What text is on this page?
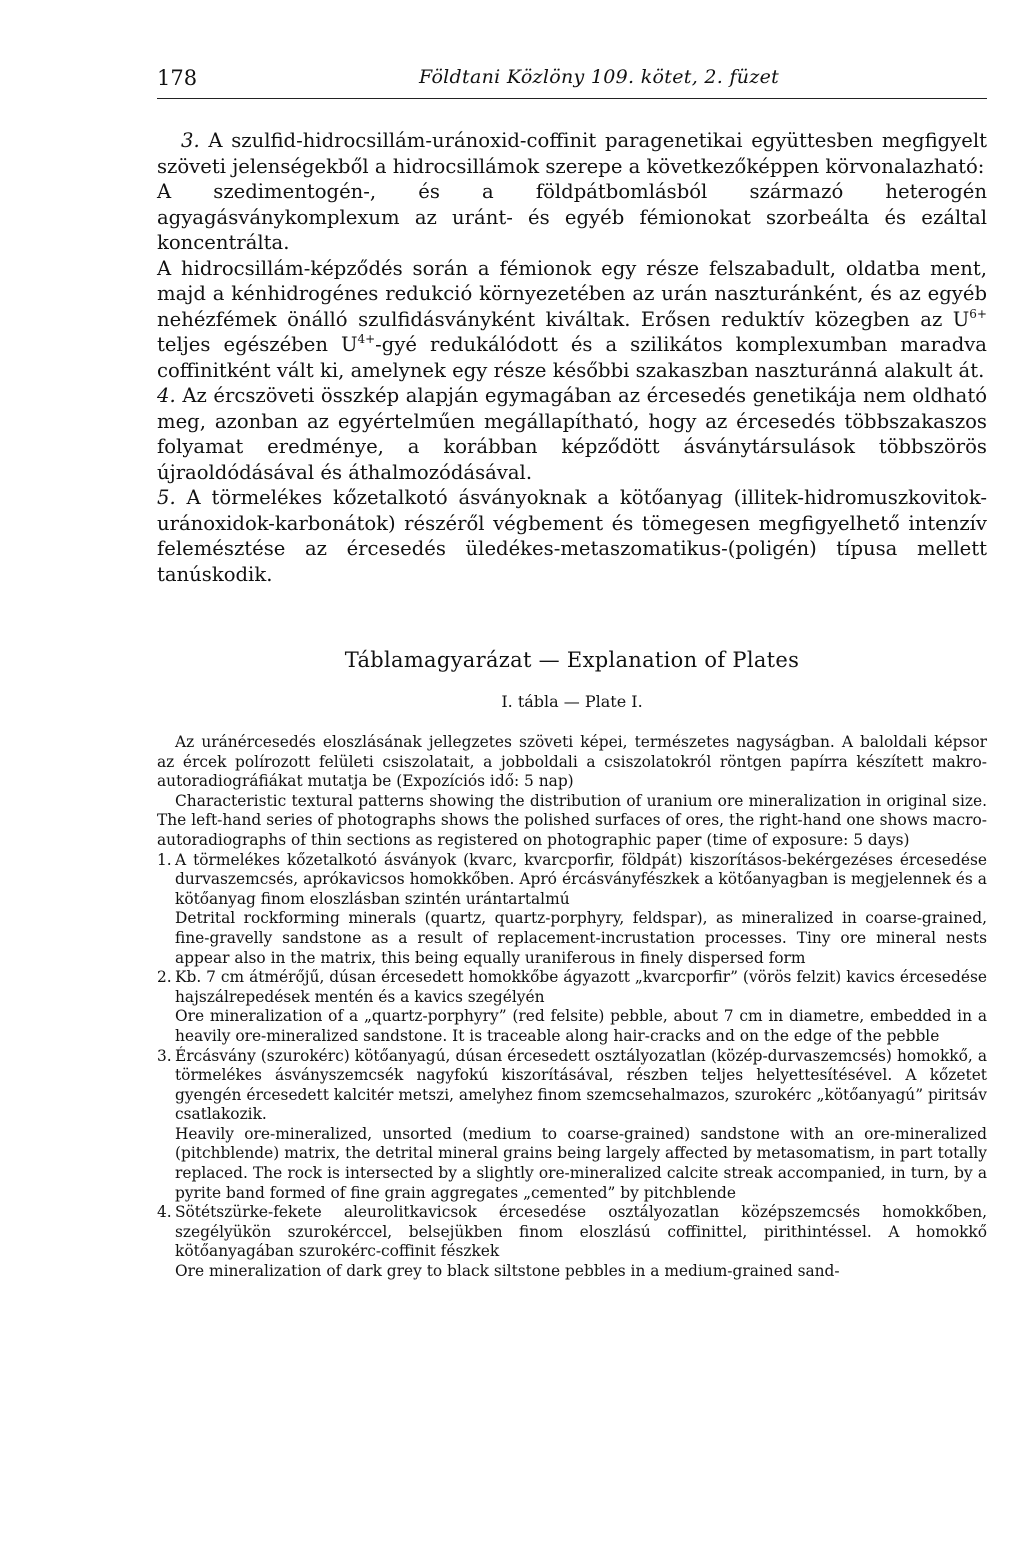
178	Földtani Közlöny 109. kötet, 2. füzet

3. A szulfid-hidrocsillám-uránoxid-coffinit paragenetikai együttesben megfigyelt szöveti jelenségekből a hidrocsillámok szerepe a következőképpen körvonalazható:

A szedimentogén-, és a földpátbomlásból származó heterogén agyagásványkomplexum az uránt- és egyéb fémionokat szorbeálta és ezáltal koncentrálta.

A hidrocsillám-képződés során a fémionok egy része felszabadult, oldatba ment, majd a kénhidrogénes redukció környezetében az urán naszturánként, és az egyéb nehézfémek önálló szulfidásványként kiváltak. Erősen reduktív közegben az $U^{6+}$ teljes egészében $U^{4+}$-gyé redukálódott és a szilikátos komplexumban maradva coffinitként vált ki, amelynek egy része későbbi szakaszban naszturánná alakult át.

4. Az ércszöveti összkép alapján egymagában az ércesedés genetikája nem oldható meg, azonban az egyértelműen megállapítható, hogy az ércesedés többszakaszos folyamat eredménye, a korábban képződött ásványtársulások többszörös újraoldódásával és áthalmozódásával.

5. A törmelékes kőzetalkotó ásványoknak a kötőanyag (illitek-hidromuszkovitok-uránoxidok-karbonátok) részéről végbement és tömegesen megfigyelhető intenzív felemésztése az ércesedés üledékes-metaszomatikus-(poligén) típusa mellett tanúskodik.

Táblamagyarázat — Explanation of Plates
I. tábla — Plate I.

Az uránércesedés eloszlásának jellegzetes szöveti képei, természetes nagyságban. A baloldali képsor az ércek polírozott felületi csiszolatait, a jobboldali a csiszolatokról röntgen papírra készített makro-autoradiográfiákat mutatja be (Expozíciós idő: 5 nap)

Characteristic textural patterns showing the distribution of uranium ore mineralization in original size. The left-hand series of photographs shows the polished surfaces of ores, the right-hand one shows macro-autoradiographs of thin sections as registered on photographic paper (time of exposure: 5 days)

1. A törmelékes kőzetalkotó ásványok (kvarc, kvarcporfir, földpát) kiszorításos-bekérgezéses ércesedése durvaszemcsés, aprókavicsos homokkőben. Apró ércásványfészkek a kötőanyagban is megjelennek és a kötőanyag finom eloszlásban szintén urántartalmú

Detrital rockforming minerals (quartz, quartz-porphyry, feldspar), as mineralized in coarse-grained, fine-gravelly sandstone as a result of replacement-incrustation processes. Tiny ore mineral nests appear also in the matrix, this being equally uraniferous in finely dispersed form

2. Kb. 7 cm átmérőjű, dúsan ércesedett homokkőbe ágyazott „kvarcporfir” (vörös felzit) kavics ércesedése hajszálrepedések mentén és a kavics szegélyén

Ore mineralization of a „quartz-porphyry” (red felsite) pebble, about 7 cm in diametre, embedded in a heavily ore-mineralized sandstone. It is traceable along hair-cracks and on the edge of the pebble

3. Ércásvány (szurokérc) kötőanyagú, dúsan ércesedett osztályozatlan (közép-durvaszemcsés) homokkő, a törmelékes ásványszemcsék nagyfokú kiszorításával, részben teljes helyettesítésével. A kőzetet gyengén ércesedett kalcitér metszi, amelyhez finom szemcsehalmazos, szurokérc „kötőanyagú” piritsáv csatlakozik.

Heavily ore-mineralized, unsorted (medium to coarse-grained) sandstone with an ore-mineralized (pitchblende) matrix, the detrital mineral grains being largely affected by metasomatism, in part totally replaced. The rock is intersected by a slightly ore-mineralized calcite streak accompanied, in turn, by a pyrite band formed of fine grain aggregates „cemented” by pitchblende

4. Sötétszürke-fekete aleurolitkavicsok ércesedése osztályozatlan középszemcsés homokkőben, szegélyükön szurokérccel, belsejükben finom eloszlású coffinittel, pirithintéssel. A homokkő kötőanyagában szurokérc-coffinit fészkek

Ore mineralization of dark grey to black siltstone pebbles in a medium-grained sand-
